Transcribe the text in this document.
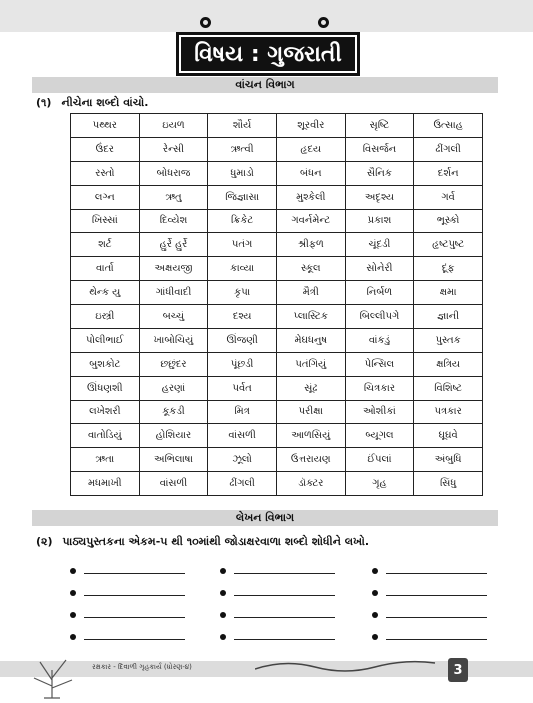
વિષય : ગુજરાતી
વાંચન વિભાગ
(૧) નીચેના શબ્દો વાંચો.
પથ્થર	ઇયળ	શૌર્ય	શૂરવીર	સૃષ્ટિ	ઉત્સાહ
ઉંદર	રેન્સી	ઋત્વી	હૃદય	વિસર્જન	ઢીંગલી
રસ્તો	બોધરાજ	ધુમાડો	બંધન	સૈનિક	દર્શન
લગ્ન	ઋતુ	જિજ્ઞાસા	મુશ્કેલી	અદૃશ્ય	ગર્વ
ખિસ્સાં	દિવ્યેશ	ક્રિકેટ	ગવર્નમેન્ટ	પ્રકાશ	ભૂસ્કો
શર્ટ	હુર્રે હુર્રે	પતંગ	શ્રીફળ	ચૂંદડી	હૃષ્ટપુષ્ટ
વાર્તા	અક્ષયજી	કાવ્યા	સ્કૂલ	સોનેરી	દૂંફ
થેન્ક યુ	ગાંધીવાદી	કૃપા	મૈત્રી	નિર્બળ	ક્ષમા
ઇસ્ત્રી	બચ્ચું	દશ્ય	પ્લાસ્ટિક	બિલ્લીપગે	જ્ઞાની
પોલીભાઈ	ખાબોચિયું	ઊંજણી	મેઘધનુષ	વાંકડું	પુસ્તક
બુશકોટ	છછુંદર	પૂંછડી	પતંગિયું	પેન્સિલ	ક્ષત્રિય
ઊંધણશી	હરણાં	પર્વત	સૂંઢ	ચિત્રકાર	વિશિષ્ટ
લખેશરી	કૂકડી	મિત્ર	પરીક્ષા	ઓશીકાં	પત્રકાર
વાતોડિયું	હોશિયાર	વાંસળી	આળસિયું	બ્યૂગલ	ઘૂઘવે
ઋતા	અભિલાષા	ઝૂલો	ઉત્તરાયણ	ઈંપલાં	અંબુધિ
મધમાખી	વાંસળી	ઢીંગલી	ડૉક્ટર	ગૃહ	સિંધુ
લેખન વિભાગ
(૨) પાઠ્યપુસ્તકના એકમ-૫ થી ૧૦માંથી જોડાક્ષરવાળા શબ્દો શોધીને લખો.
રક્ષકાર - દિવાળી ગૃહકાર્ય (ધોરણ-૪)	3
